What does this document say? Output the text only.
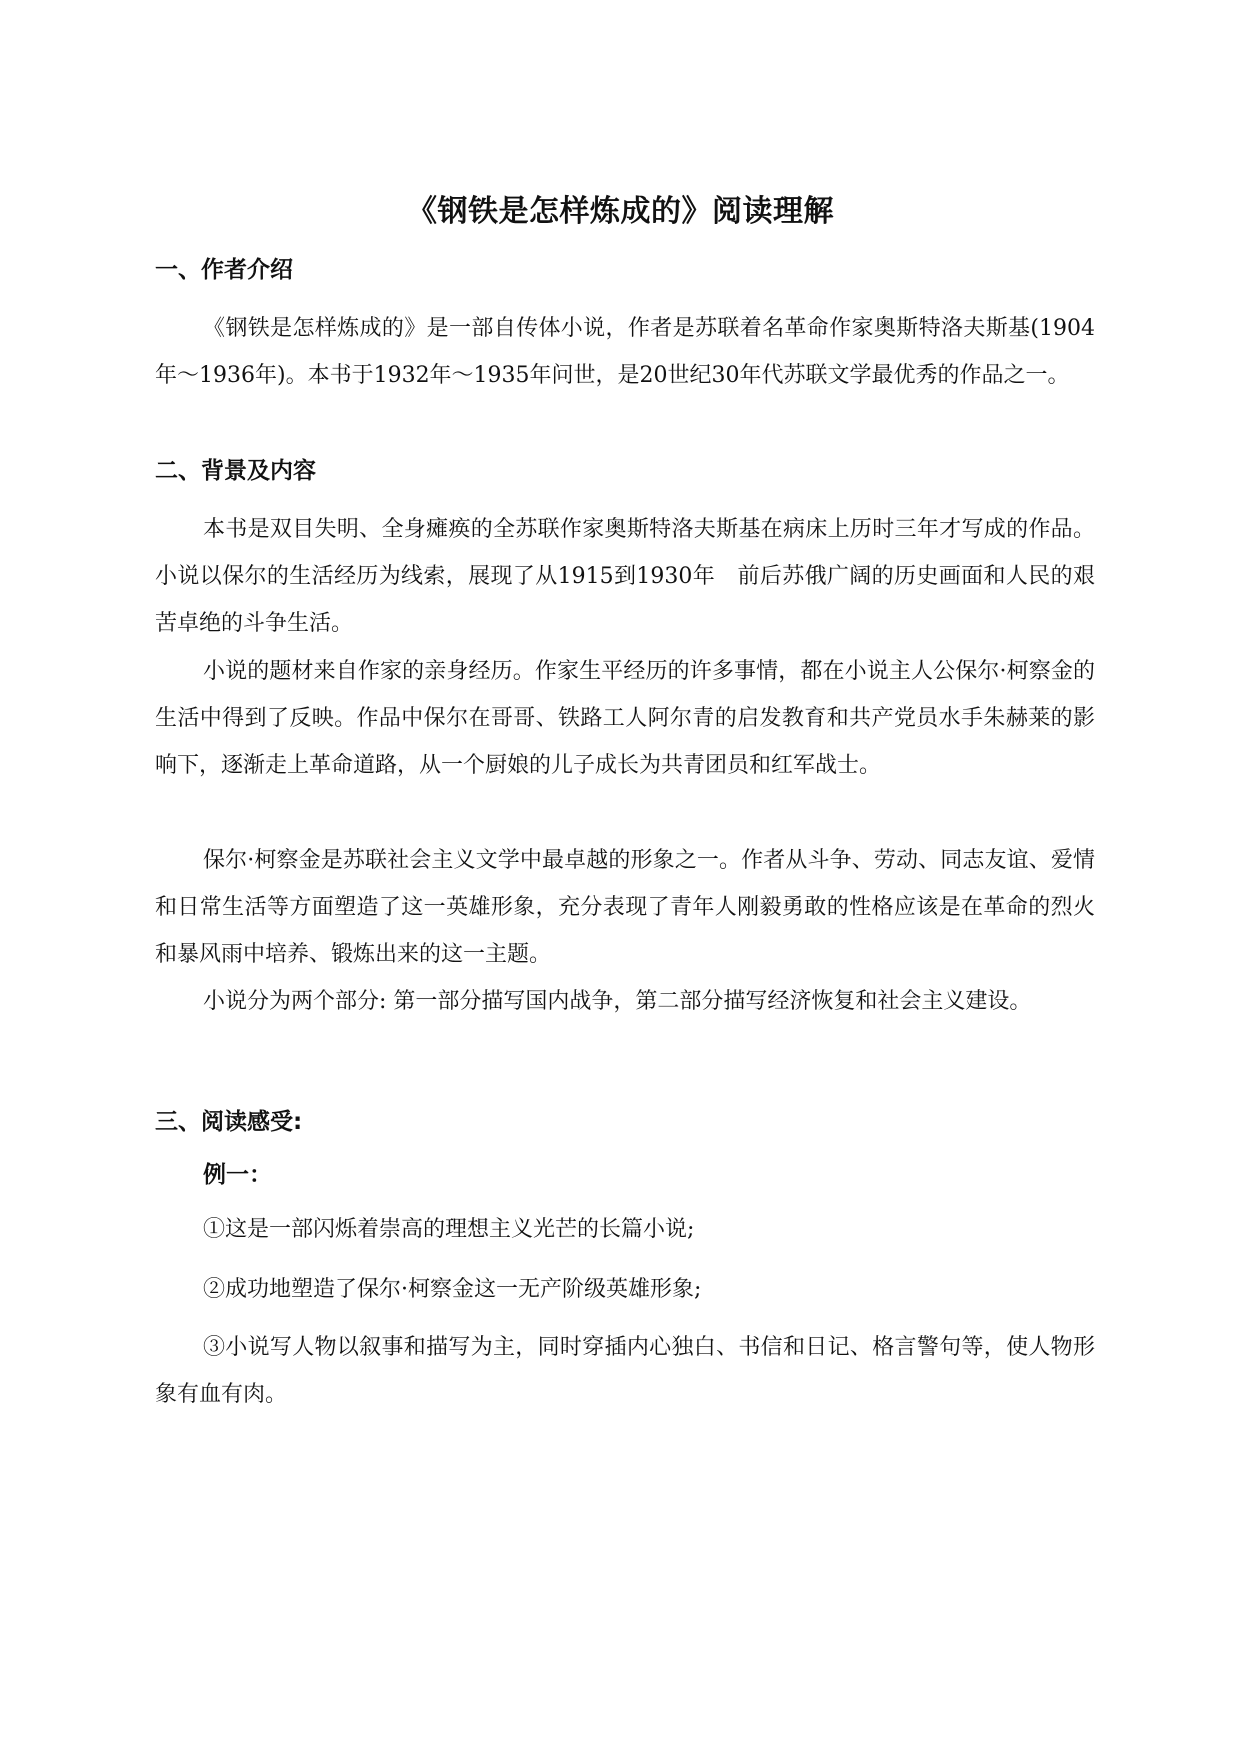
《钢铁是怎样炼成的》阅读理解
一、作者介绍

《钢铁是怎样炼成的》是一部自传体小说，作者是苏联着名革命作家奥斯特洛夫斯基(1904年～1936年)。本书于1932年～1935年问世，是20世纪30年代苏联文学最优秀的作品之一。

二、背景及内容

本书是双目失明、全身瘫痪的全苏联作家奥斯特洛夫斯基在病床上历时三年才写成的作品。小说以保尔的生活经历为线索，展现了从1915到1930年　前后苏俄广阔的历史画面和人民的艰苦卓绝的斗争生活。

小说的题材来自作家的亲身经历。作家生平经历的许多事情，都在小说主人公保尔·柯察金的生活中得到了反映。作品中保尔在哥哥、铁路工人阿尔青的启发教育和共产党员水手朱赫莱的影响下，逐渐走上革命道路，从一个厨娘的儿子成长为共青团员和红军战士。

保尔·柯察金是苏联社会主义文学中最卓越的形象之一。作者从斗争、劳动、同志友谊、爱情和日常生活等方面塑造了这一英雄形象，充分表现了青年人刚毅勇敢的性格应该是在革命的烈火和暴风雨中培养、锻炼出来的这一主题。

小说分为两个部分: 第一部分描写国内战争，第二部分描写经济恢复和社会主义建设。

三、阅读感受:
例一：

①这是一部闪烁着崇高的理想主义光芒的长篇小说;

②成功地塑造了保尔·柯察金这一无产阶级英雄形象;

③小说写人物以叙事和描写为主，同时穿插内心独白、书信和日记、格言警句等，使人物形象有血有肉。
